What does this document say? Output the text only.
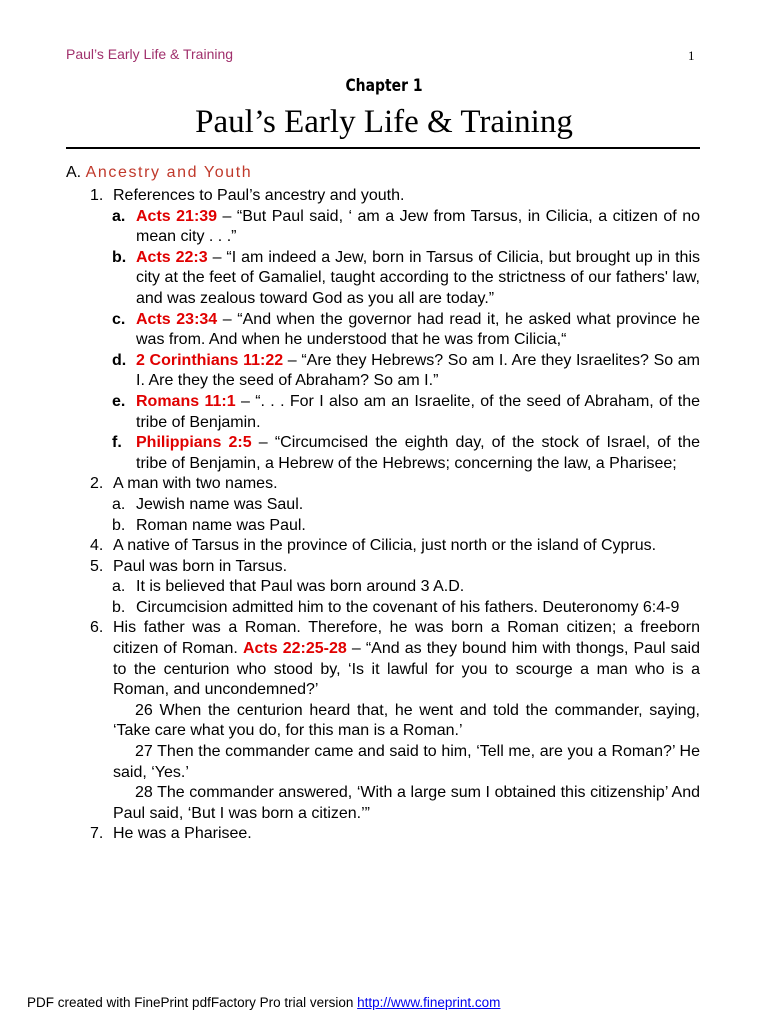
Paul’s Early Life & Training	1
Chapter 1
Paul’s Early Life & Training
A. Ancestry and Youth
1. References to Paul’s ancestry and youth.
a. Acts 21:39 – “But Paul said, ‘ am a Jew from Tarsus, in Cilicia, a citizen of no mean city . . .”
b. Acts 22:3 – “I am indeed a Jew, born in Tarsus of Cilicia, but brought up in this city at the feet of Gamaliel, taught according to the strictness of our fathers' law, and was zealous toward God as you all are today.”
c. Acts 23:34 – “And when the governor had read it, he asked what province he was from. And when he understood that he was from Cilicia,“
d. 2 Corinthians 11:22 – “Are they Hebrews? So am I. Are they Israelites? So am I. Are they the seed of Abraham? So am I.”
e. Romans 11:1 – “. . . For I also am an Israelite, of the seed of Abraham, of the tribe of Benjamin.
f. Philippians 2:5 – “Circumcised the eighth day, of the stock of Israel, of the tribe of Benjamin, a Hebrew of the Hebrews; concerning the law, a Pharisee;
2. A man with two names.
a. Jewish name was Saul.
b. Roman name was Paul.
4. A native of Tarsus in the province of Cilicia, just north or the island of Cyprus.
5. Paul was born in Tarsus.
a. It is believed that Paul was born around 3 A.D.
b. Circumcision admitted him to the covenant of his fathers. Deuteronomy 6:4-9
6. His father was a Roman. Therefore, he was born a Roman citizen; a freeborn citizen of Roman. Acts 22:25-28 – “And as they bound him with thongs, Paul said to the centurion who stood by, ‘Is it lawful for you to scourge a man who is a Roman, and uncondemned?’
26 When the centurion heard that, he went and told the commander, saying, ‘Take care what you do, for this man is a Roman.’
27 Then the commander came and said to him, ‘Tell me, are you a Roman?’ He said, ‘Yes.’
28 The commander answered, ‘With a large sum I obtained this citizenship’ And Paul said, ‘But I was born a citizen.’”
7. He was a Pharisee.
PDF created with FinePrint pdfFactory Pro trial version http://www.fineprint.com
